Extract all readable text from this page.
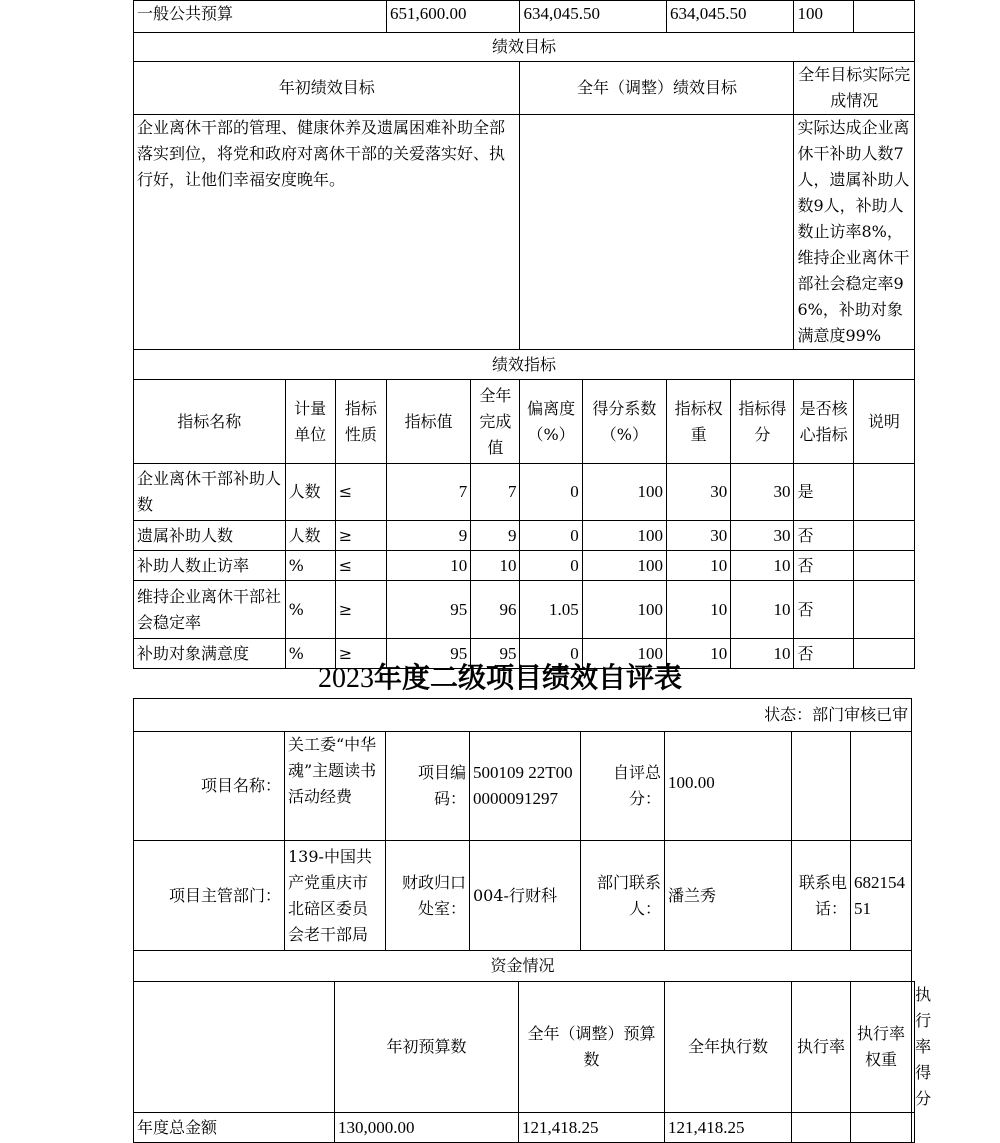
一般公共预算			651,600.00		634,045.50		634,045.50		100	
绩效目标										
年初绩效目标					全年（调整）绩效目标				全年目标实际完成情况	
企业离休干部的管理、健康休养及遗属困难补助全部落实到位，将党和政府对离休干部的关爱落实好、执行好，让他们幸福安度晚年。									实际达成企业离休干补助人数7人，遗属补助人数9人，补助人数止访率8%，维持企业离休干部社会稳定率96%，补助对象满意度99%	
绩效指标										
指标名称	计量单位	指标性质	指标值	全年完成值	偏离度（%）	得分系数（%）	指标权重	指标得分	是否核心指标	说明
企业离休干部补助人数	人数	≤	7	7	0	100	30	30	是	
遗属补助人数	人数	≥	9	9	0	100	30	30	否	
补助人数止访率	%	≤	10	10	0	100	10	10	否	
维持企业离休干部社会稳定率	%	≥	95	96	1.05	100	10	10	否	
补助对象满意度	%	≥	95	95	0	100	10	10	否	
2023年度二级项目绩效自评表
状态：部门审核已审										
项目名称：	关工委“中华魂”主题读书活动经费		项目编码：	500109 22T000000091297		自评总分：	100.00			
项目主管部门：	139-中国共产党重庆市北碚区委员会老干部局		财政归口处室：	004-行财科		部门联系人：	潘兰秀	联系电话：	68215451	
资金情况										
		年初预算数			全年（调整）预算数		全年执行数	执行率	执行率权重	执行率得分
年度总金额		130,000.00			121,418.25		121,418.25			
